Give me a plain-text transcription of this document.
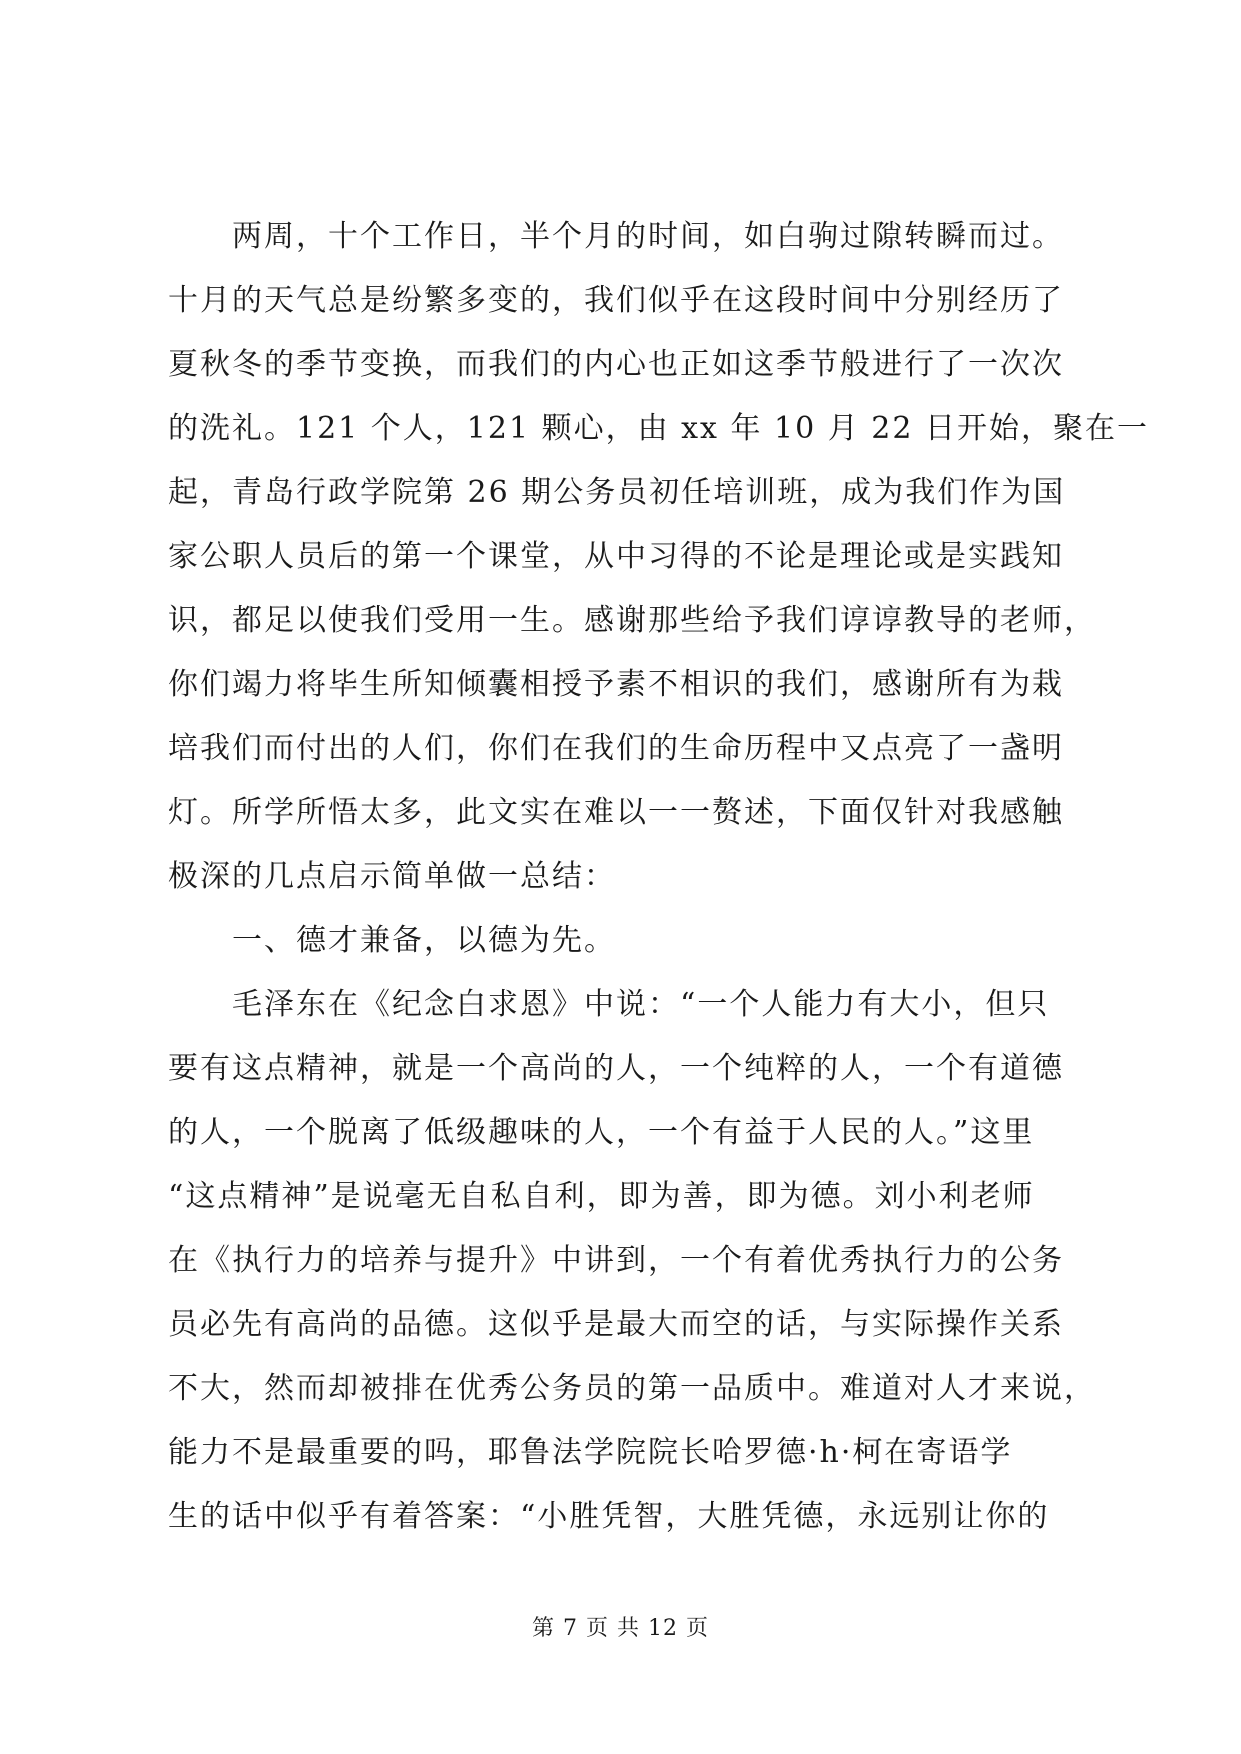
两周，十个工作日，半个月的时间，如白驹过隙转瞬而过。
十月的天气总是纷繁多变的，我们似乎在这段时间中分别经历了
夏秋冬的季节变换，而我们的内心也正如这季节般进行了一次次
的洗礼。121 个人，121 颗心，由 xx 年 10 月 22 日开始，聚在一
起，青岛行政学院第 26 期公务员初任培训班，成为我们作为国
家公职人员后的第一个课堂，从中习得的不论是理论或是实践知
识，都足以使我们受用一生。感谢那些给予我们谆谆教导的老师，
你们竭力将毕生所知倾囊相授予素不相识的我们，感谢所有为栽
培我们而付出的人们，你们在我们的生命历程中又点亮了一盏明
灯。所学所悟太多，此文实在难以一一赘述，下面仅针对我感触
极深的几点启示简单做一总结：
一、德才兼备，以德为先。
毛泽东在《纪念白求恩》中说：“一个人能力有大小，但只
要有这点精神，就是一个高尚的人，一个纯粹的人，一个有道德
的人，一个脱离了低级趣味的人，一个有益于人民的人。”这里
“这点精神”是说毫无自私自利，即为善，即为德。刘小利老师
在《执行力的培养与提升》中讲到，一个有着优秀执行力的公务
员必先有高尚的品德。这似乎是最大而空的话，与实际操作关系
不大，然而却被排在优秀公务员的第一品质中。难道对人才来说，
能力不是最重要的吗，耶鲁法学院院长哈罗德·h·柯在寄语学
生的话中似乎有着答案：“小胜凭智，大胜凭德，永远别让你的
第 7 页 共 12 页
